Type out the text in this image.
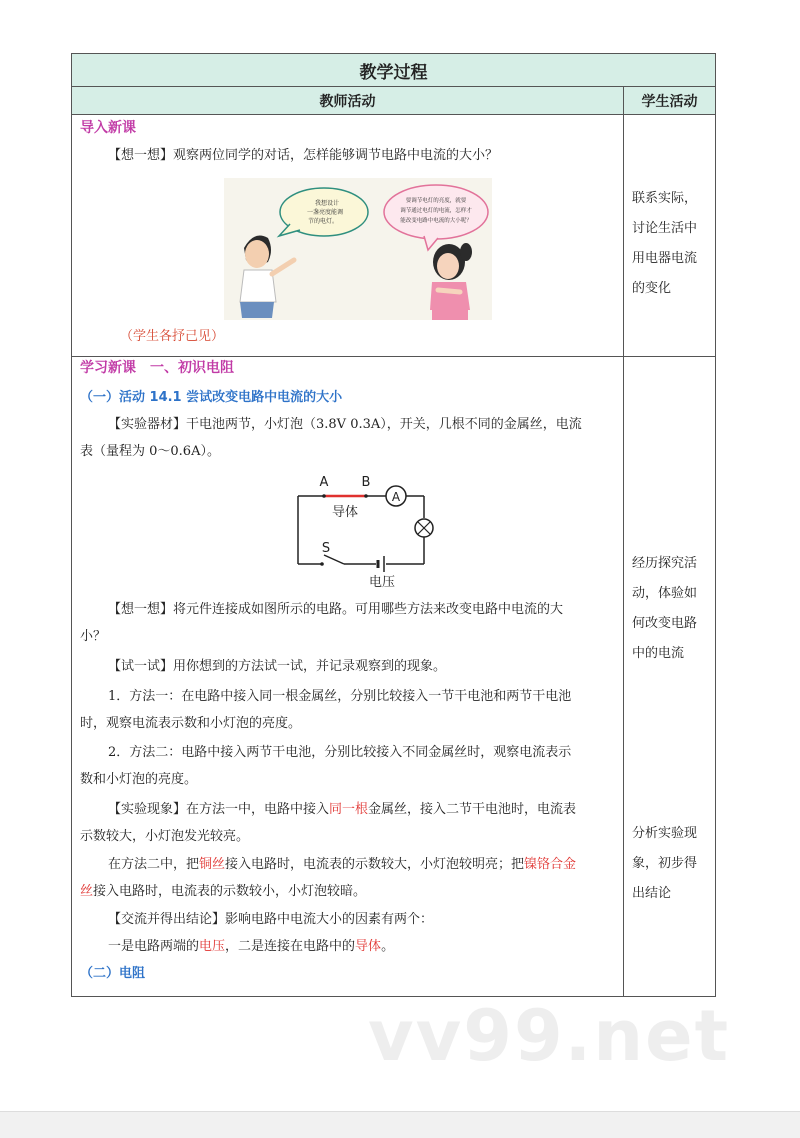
教学过程
教师活动	学生活动
导入新课
【想一想】观察两位同学的对话，怎样能够调节电路中电流的大小？
我想设计
一盏亮度能调
节的电灯。
要调节电灯的亮度，就要
调节通过电灯的电流，怎样才
能改变电路中电流的大小呢？
（学生各抒己见）
联系实际，
讨论生活中
用电器电流
的变化
学习新课　一、初识电阻
（一）活动 14.1 尝试改变电路中电流的大小
【实验器材】干电池两节，小灯泡（3.8V 0.3A），开关，几根不同的金属丝，电流
表（量程为 0～0.6A）。
A
A	B
导体
S
电压
【想一想】将元件连接成如图所示的电路。可用哪些方法来改变电路中电流的大
小？
【试一试】用你想到的方法试一试，并记录观察到的现象。
1．方法一：在电路中接入同一根金属丝，分别比较接入一节干电池和两节干电池
时，观察电流表示数和小灯泡的亮度。
2．方法二：电路中接入两节干电池，分别比较接入不同金属丝时，观察电流表示
数和小灯泡的亮度。
【实验现象】在方法一中，电路中接入同一根金属丝，接入二节干电池时，电流表
示数较大，小灯泡发光较亮。
在方法二中，把铜丝接入电路时，电流表的示数较大，小灯泡较明亮；把镍铬合金
丝接入电路时，电流表的示数较小，小灯泡较暗。
【交流并得出结论】影响电路中电流大小的因素有两个：
一是电路两端的电压，二是连接在电路中的导体。
（二）电阻
经历探究活
动，体验如
何改变电路
中的电流
分析实验现
象，初步得
出结论
vv99.net
